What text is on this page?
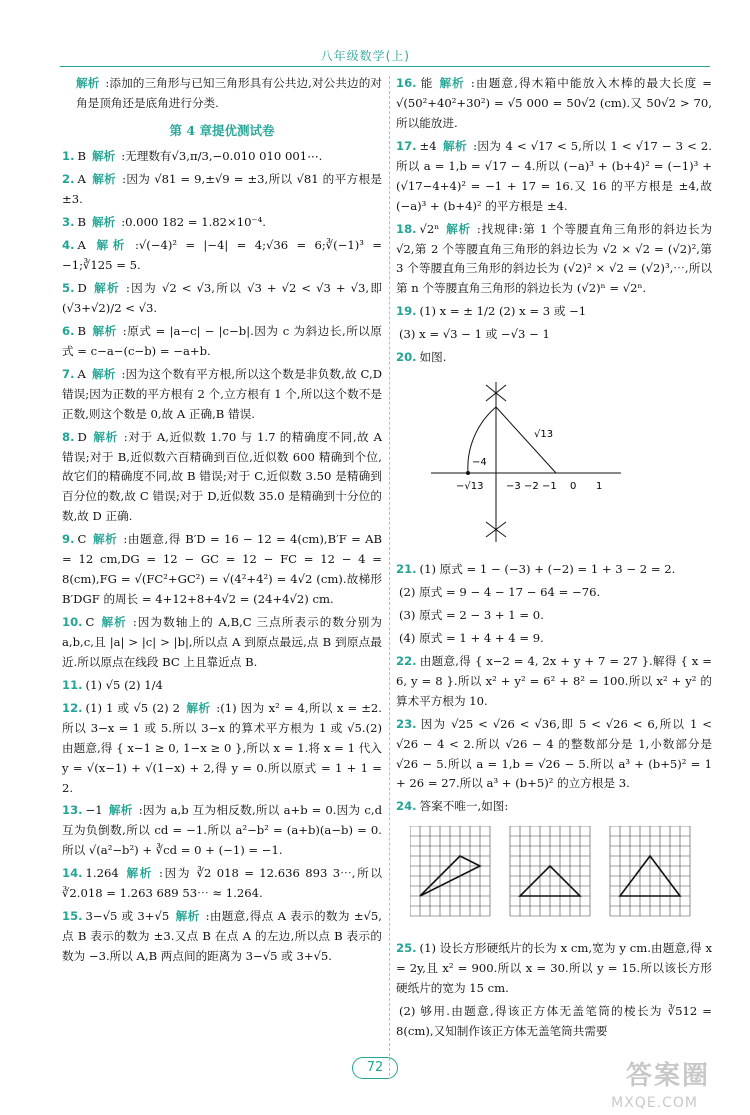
八年级数学(上)
解析 :添加的三角形与已知三角形具有公共边,对公共边的对角是顶角还是底角进行分类.
第 4 章提优测试卷
1. B 解析 :无理数有√3,π/3,−0.010 010 001⋯.
2. A 解析 :因为 √81 = 9,±√9 = ±3,所以 √81 的平方根是 ±3.
3. B 解析 :0.000 182 = 1.82×10⁻⁴.
4. A 解析 :√(−4)² = |−4| = 4;√36 = 6;∛(−1)³ = −1;∛125 = 5.
5. D 解析 :因为 √2 < √3,所以 √3 + √2 < √3 + √3,即 (√3+√2)/2 < √3.
6. B 解析 :原式 = |a−c| − |c−b|.因为 c 为斜边长,所以原式 = c−a−(c−b) = −a+b.
7. A 解析 :因为这个数有平方根,所以这个数是非负数,故 C,D 错误;因为正数的平方根有 2 个,立方根有 1 个,所以这个数不是正数,则这个数是 0,故 A 正确,B 错误.
8. D 解析 :对于 A,近似数 1.70 与 1.7 的精确度不同,故 A 错误;对于 B,近似数六百精确到百位,近似数 600 精确到个位,故它们的精确度不同,故 B 错误;对于 C,近似数 3.50 是精确到百分位的数,故 C 错误;对于 D,近似数 35.0 是精确到十分位的数,故 D 正确.
9. C 解析 :由题意,得 B′D = 16 − 12 = 4(cm),B′F = AB = 12 cm,DG = 12 − GC = 12 − FC = 12 − 4 = 8(cm),FG = √(FC²+GC²) = √(4²+4²) = 4√2 (cm).故梯形 B′DGF 的周长 = 4+12+8+4√2 = (24+4√2) cm.
10. C 解析 :因为数轴上的 A,B,C 三点所表示的数分别为 a,b,c,且 |a| > |c| > |b|,所以点 A 到原点最远,点 B 到原点最近.所以原点在线段 BC 上且靠近点 B.
11. (1) √5 (2) 1/4
12. (1) 1 或 √5 (2) 2 解析 :(1) 因为 x² = 4,所以 x = ±2.所以 3−x = 1 或 5.所以 3−x 的算术平方根为 1 或 √5.(2) 由题意,得 { x−1 ≥ 0, 1−x ≥ 0 },所以 x = 1.将 x = 1 代入 y = √(x−1) + √(1−x) + 2,得 y = 0.所以原式 = 1 + 1 = 2.
13. −1 解析 :因为 a,b 互为相反数,所以 a+b = 0.因为 c,d 互为负倒数,所以 cd = −1.所以 a²−b² = (a+b)(a−b) = 0.所以 √(a²−b²) + ∛cd = 0 + (−1) = −1.
14. 1.264 解析 :因为 ∛2 018 = 12.636 893 3⋯,所以 ∛2.018 = 1.263 689 53⋯ ≈ 1.264.
15. 3−√5 或 3+√5 解析 :由题意,得点 A 表示的数为 ±√5,点 B 表示的数为 ±3.又点 B 在点 A 的左边,所以点 B 表示的数为 −3.所以 A,B 两点间的距离为 3−√5 或 3+√5.
16. 能 解析 :由题意,得木箱中能放入木棒的最大长度 = √(50²+40²+30²) = √5 000 = 50√2 (cm).又 50√2 > 70,所以能放进.
17. ±4 解析 :因为 4 < √17 < 5,所以 1 < √17 − 3 < 2.所以 a = 1,b = √17 − 4.所以 (−a)³ + (b+4)² = (−1)³ + (√17−4+4)² = −1 + 17 = 16.又 16 的平方根是 ±4,故 (−a)³ + (b+4)² 的平方根是 ±4.
18. √2ⁿ 解析 :找规律:第 1 个等腰直角三角形的斜边长为 √2,第 2 个等腰直角三角形的斜边长为 √2 × √2 = (√2)²,第 3 个等腰直角三角形的斜边长为 (√2)² × √2 = (√2)³,⋯,所以第 n 个等腰直角三角形的斜边长为 (√2)ⁿ = √2ⁿ.
19. (1) x = ± 1/2 (2) x = 3 或 −1
(3) x = √3 − 1 或 −√3 − 1
20. 如图.
√13
−4
−√13 −3 −2 −1 0 1
21. (1) 原式 = 1 − (−3) + (−2) = 1 + 3 − 2 = 2.
(2) 原式 = 9 − 4 − 17 − 64 = −76.
(3) 原式 = 2 − 3 + 1 = 0.
(4) 原式 = 1 + 4 + 4 = 9.
22. 由题意,得 { x−2 = 4, 2x + y + 7 = 27 }.解得 { x = 6, y = 8 }.所以 x² + y² = 6² + 8² = 100.所以 x² + y² 的算术平方根为 10.
23. 因为 √25 < √26 < √36,即 5 < √26 < 6,所以 1 < √26 − 4 < 2.所以 √26 − 4 的整数部分是 1,小数部分是 √26 − 5.所以 a = 1,b = √26 − 5.所以 a³ + (b+5)² = 1 + 26 = 27.所以 a³ + (b+5)² 的立方根是 3.
24. 答案不唯一,如图:
25. (1) 设长方形硬纸片的长为 x cm,宽为 y cm.由题意,得 x = 2y,且 x² = 900.所以 x = 30.所以 y = 15.所以该长方形硬纸片的宽为 15 cm.
(2) 够用.由题意,得该正方体无盖笔筒的棱长为 ∛512 = 8(cm),又知制作该正方体无盖笔筒共需要
72	答案圈
MXQE.COM
